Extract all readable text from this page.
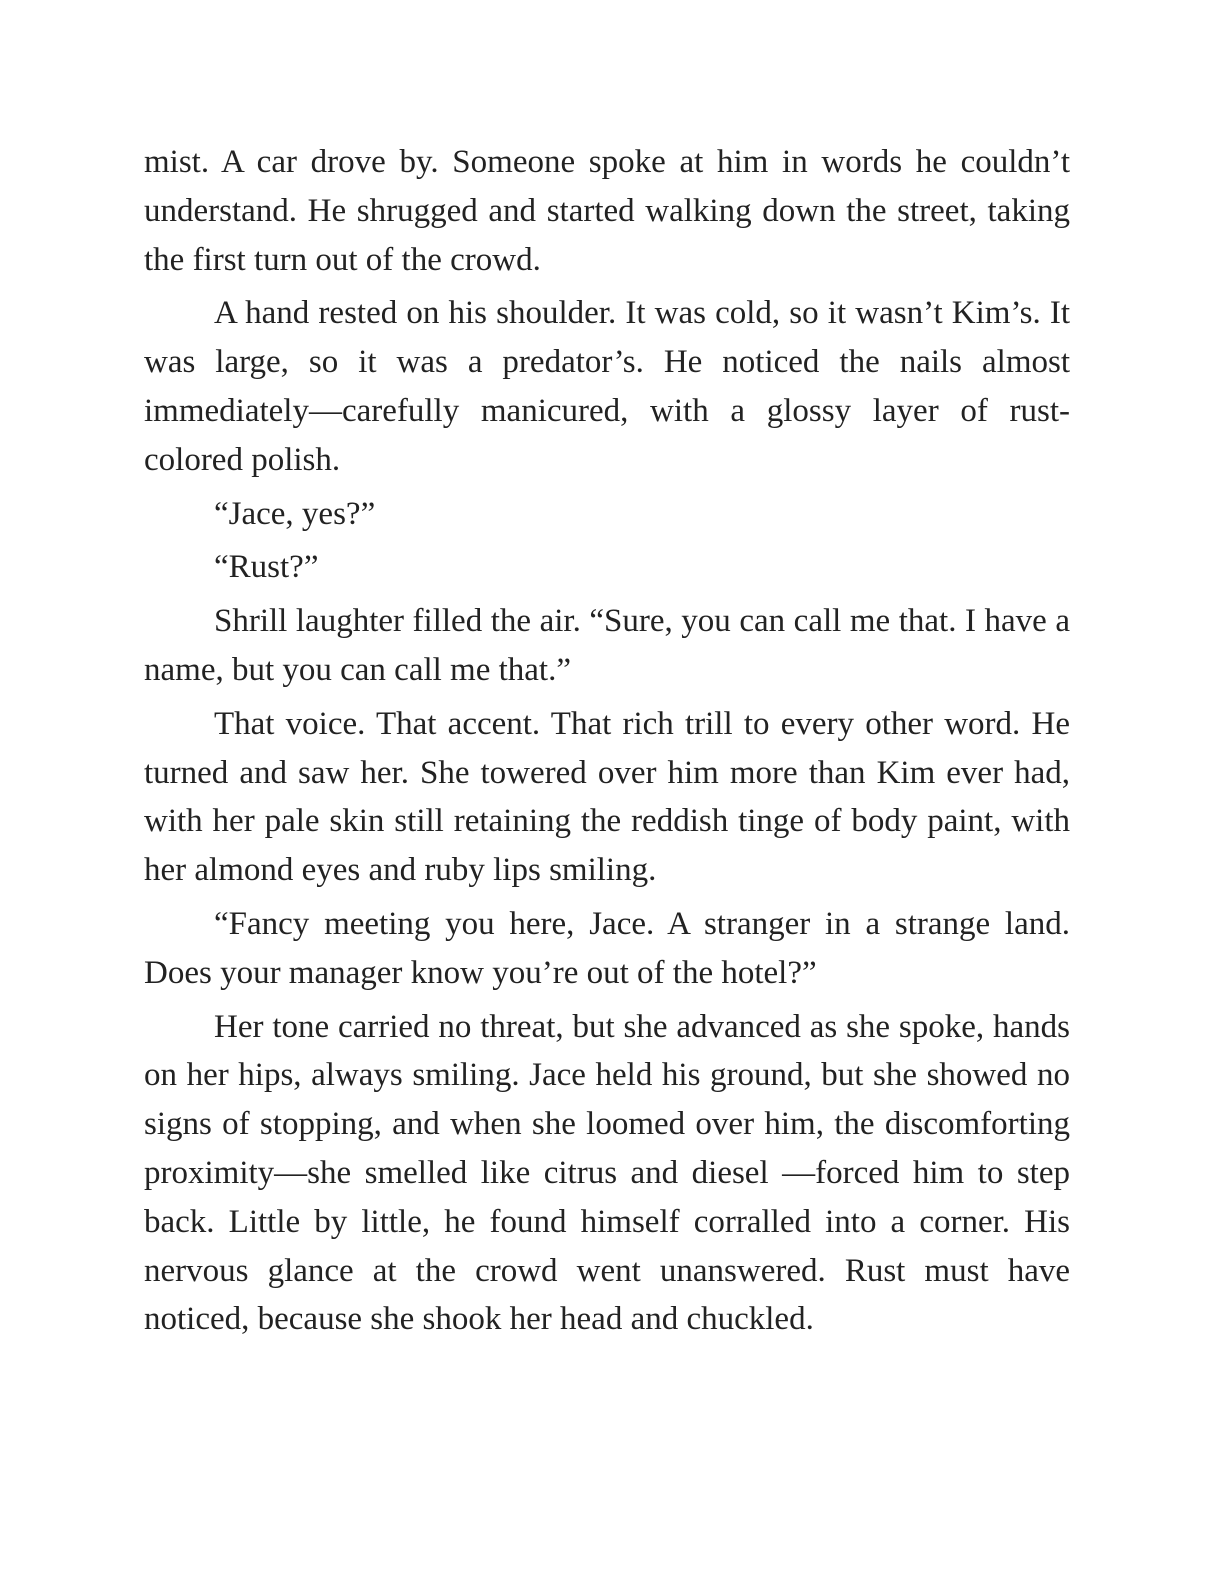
mist. A car drove by. Someone spoke at him in words he couldn’t understand. He shrugged and started walking down the street, taking the first turn out of the crowd.

A hand rested on his shoulder. It was cold, so it wasn’t Kim’s. It was large, so it was a predator’s. He noticed the nails almost immediately—carefully manicured, with a glossy layer of rust-colored polish.

“Jace, yes?”

“Rust?”

Shrill laughter filled the air. “Sure, you can call me that. I have a name, but you can call me that.”

That voice. That accent. That rich trill to every other word. He turned and saw her. She towered over him more than Kim ever had, with her pale skin still retaining the reddish tinge of body paint, with her almond eyes and ruby lips smiling.

“Fancy meeting you here, Jace. A stranger in a strange land. Does your manager know you’re out of the hotel?”

Her tone carried no threat, but she advanced as she spoke, hands on her hips, always smiling. Jace held his ground, but she showed no signs of stopping, and when she loomed over him, the discomforting proximity—she smelled like citrus and diesel —forced him to step back. Little by little, he found himself corralled into a corner. His nervous glance at the crowd went unanswered. Rust must have noticed, because she shook her head and chuckled.
